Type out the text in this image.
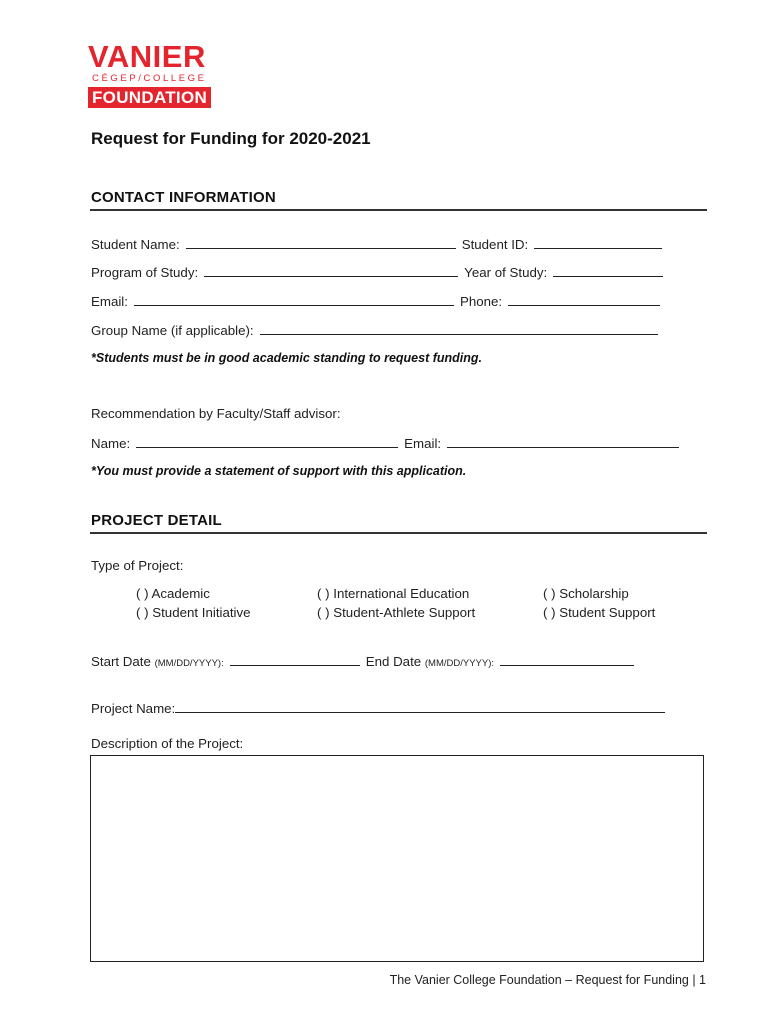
VANIER
CÉGEP/COLLEGE
FOUNDATION
Request for Funding for 2020-2021
CONTACT INFORMATION
Student Name:	Student ID:
Program of Study:	Year of Study:
Email:	Phone:
Group Name (if applicable):
*Students must be in good academic standing to request funding.
Recommendation by Faculty/Staff advisor:
Name:	Email:
*You must provide a statement of support with this application.
PROJECT DETAIL
Type of Project:
( ) Academic
( ) Student Initiative
( ) International Education
( ) Student-Athlete Support
( ) Scholarship
( ) Student Support
Start Date (MM/DD/YYYY):	End Date (MM/DD/YYYY):
Project Name:
Description of the Project:
The Vanier College Foundation – Request for Funding | 1
